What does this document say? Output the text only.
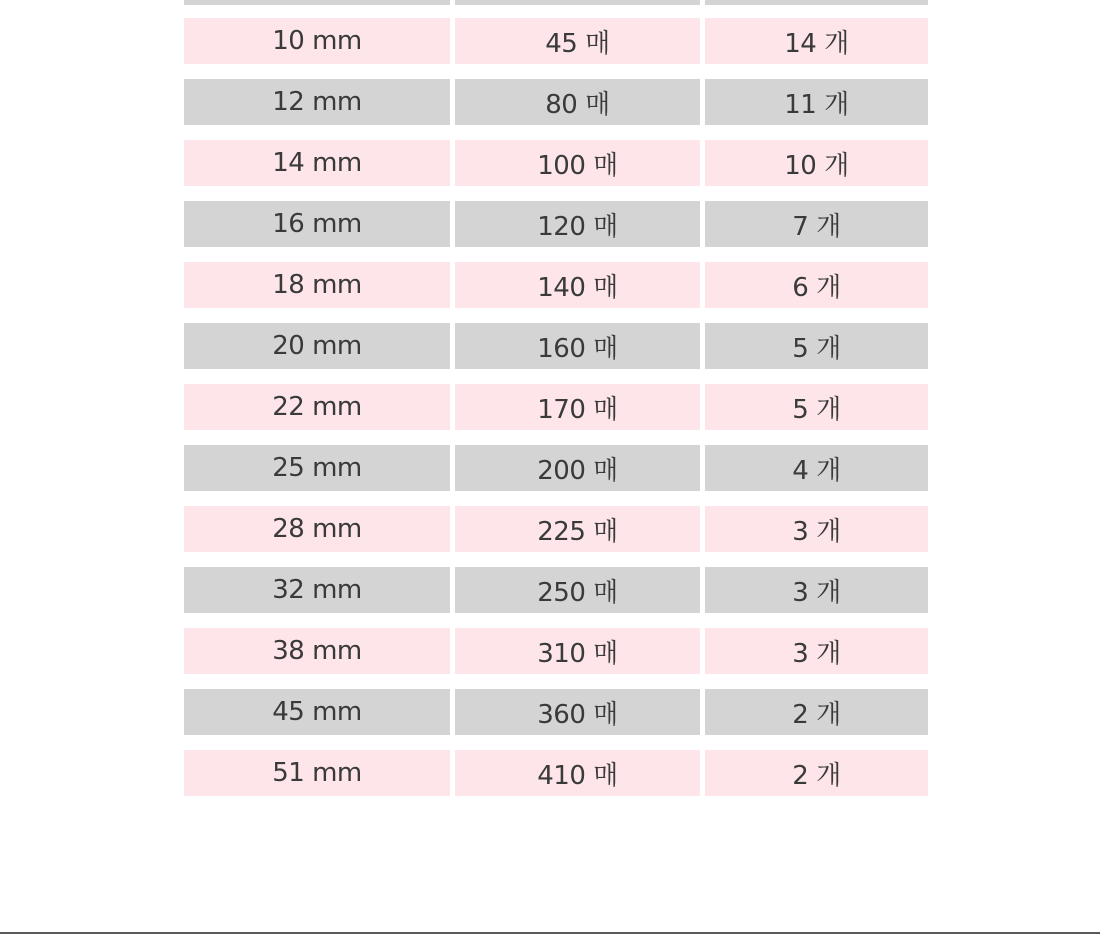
10 mm	45 매	14 개
12 mm	80 매	11 개
14 mm	100 매	10 개
16 mm	120 매	7 개
18 mm	140 매	6 개
20 mm	160 매	5 개
22 mm	170 매	5 개
25 mm	200 매	4 개
28 mm	225 매	3 개
32 mm	250 매	3 개
38 mm	310 매	3 개
45 mm	360 매	2 개
51 mm	410 매	2 개
